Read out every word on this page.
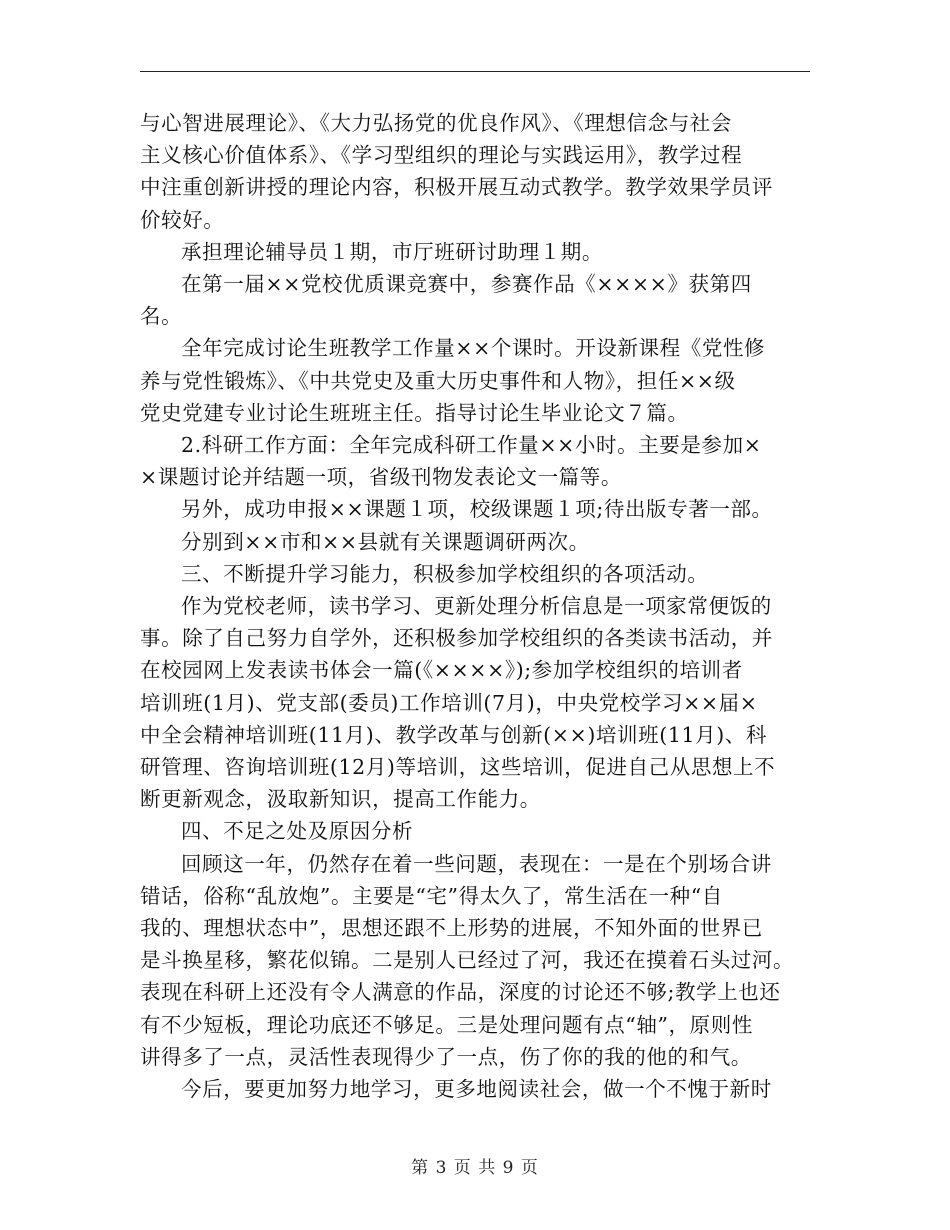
与心智进展理论》、《大力弘扬党的优良作风》、《理想信念与社会
主义核心价值体系》、《学习型组织的理论与实践运用》，教学过程
中注重创新讲授的理论内容，积极开展互动式教学。教学效果学员评
价较好。

承担理论辅导员１期，市厅班研讨助理１期。

在第一届××党校优质课竞赛中，参赛作品《××××》获第四
名。

全年完成讨论生班教学工作量××个课时。开设新课程《党性修
养与党性锻炼》、《中共党史及重大历史事件和人物》，担任××级
党史党建专业讨论生班班主任。指导讨论生毕业论文７篇。

2.科研工作方面：全年完成科研工作量××小时。主要是参加×
×课题讨论并结题一项，省级刊物发表论文一篇等。

另外，成功申报××课题１项，校级课题１项;待出版专著一部。

分别到××市和××县就有关课题调研两次。

三、不断提升学习能力，积极参加学校组织的各项活动。

作为党校老师，读书学习、更新处理分析信息是一项家常便饭的
事。除了自己努力自学外，还积极参加学校组织的各类读书活动，并
在校园网上发表读书体会一篇(《××××》);参加学校组织的培训者
培训班(1月)、党支部(委员)工作培训(7月)，中央党校学习××届×
中全会精神培训班(11月)、教学改革与创新(××)培训班(11月)、科
研管理、咨询培训班(12月)等培训，这些培训，促进自己从思想上不
断更新观念，汲取新知识，提高工作能力。

四、不足之处及原因分析

回顾这一年，仍然存在着一些问题，表现在：一是在个别场合讲
错话，俗称“乱放炮”。主要是“宅”得太久了，常生活在一种“自
我的、理想状态中”，思想还跟不上形势的进展，不知外面的世界已
是斗换星移，繁花似锦。二是别人已经过了河，我还在摸着石头过河。
表现在科研上还没有令人满意的作品，深度的讨论还不够;教学上也还
有不少短板，理论功底还不够足。三是处理问题有点“轴”，原则性
讲得多了一点，灵活性表现得少了一点，伤了你的我的他的和气。

今后，要更加努力地学习，更多地阅读社会，做一个不愧于新时

第 3 页 共 9 页
